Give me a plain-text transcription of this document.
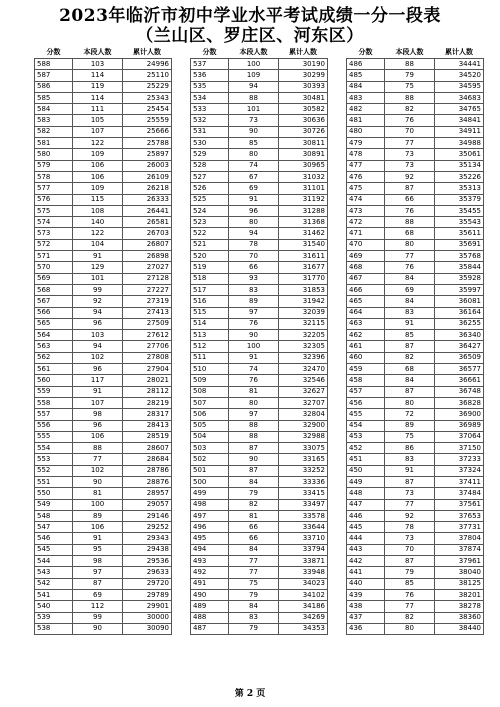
2023年临沂市初中学业水平考试成绩一分一段表
（兰山区、罗庄区、河东区）
分数	本段人数	累计人数
588	103	24996
587	114	25110
586	119	25229
585	114	25343
584	111	25454
583	105	25559
582	107	25666
581	122	25788
580	109	25897
579	106	26003
578	106	26109
577	109	26218
576	115	26333
575	108	26441
574	140	26581
573	122	26703
572	104	26807
571	91	26898
570	129	27027
569	101	27128
568	99	27227
567	92	27319
566	94	27413
565	96	27509
564	103	27612
563	94	27706
562	102	27808
561	96	27904
560	117	28021
559	91	28112
558	107	28219
557	98	28317
556	96	28413
555	106	28519
554	88	28607
553	77	28684
552	102	28786
551	90	28876
550	81	28957
549	100	29057
548	89	29146
547	106	29252
546	91	29343
545	95	29438
544	98	29536
543	97	29633
542	87	29720
541	69	29789
540	112	29901
539	99	30000
538	90	30090
分数	本段人数	累计人数
537	100	30190
536	109	30299
535	94	30393
534	88	30481
533	101	30582
532	73	30636
531	90	30726
530	85	30811
529	80	30891
528	74	30965
527	67	31032
526	69	31101
525	91	31192
524	96	31288
523	80	31368
522	94	31462
521	78	31540
520	70	31611
519	66	31677
518	93	31770
517	83	31853
516	89	31942
515	97	32039
514	76	32115
513	90	32205
512	100	32305
511	91	32396
510	74	32470
509	76	32546
508	81	32627
507	80	32707
506	97	32804
505	88	32900
504	88	32988
503	87	33075
502	90	33165
501	87	33252
500	84	33336
499	79	33415
498	82	33497
497	81	33578
496	66	33644
495	66	33710
494	84	33794
493	77	33871
492	77	33948
491	75	34023
490	79	34102
489	84	34186
488	83	34269
487	79	34353
分数	本段人数	累计人数
486	88	34441
485	79	34520
484	75	34595
483	88	34683
482	82	34765
481	76	34841
480	70	34911
479	77	34988
478	73	35061
477	73	35134
476	92	35226
475	87	35313
474	66	35379
473	76	35455
472	88	35543
471	68	35611
470	80	35691
469	77	35768
468	76	35844
467	84	35928
466	69	35997
465	84	36081
464	83	36164
463	91	36255
462	85	36340
461	87	36427
460	82	36509
459	68	36577
458	84	36661
457	87	36748
456	80	36828
455	72	36900
454	89	36989
453	75	37064
452	86	37150
451	83	37233
450	91	37324
449	87	37411
448	73	37484
447	77	37561
446	92	37653
445	78	37731
444	73	37804
443	70	37874
442	87	37961
441	79	38040
440	85	38125
439	76	38201
438	77	38278
437	82	38360
436	80	38440
第 2 页
